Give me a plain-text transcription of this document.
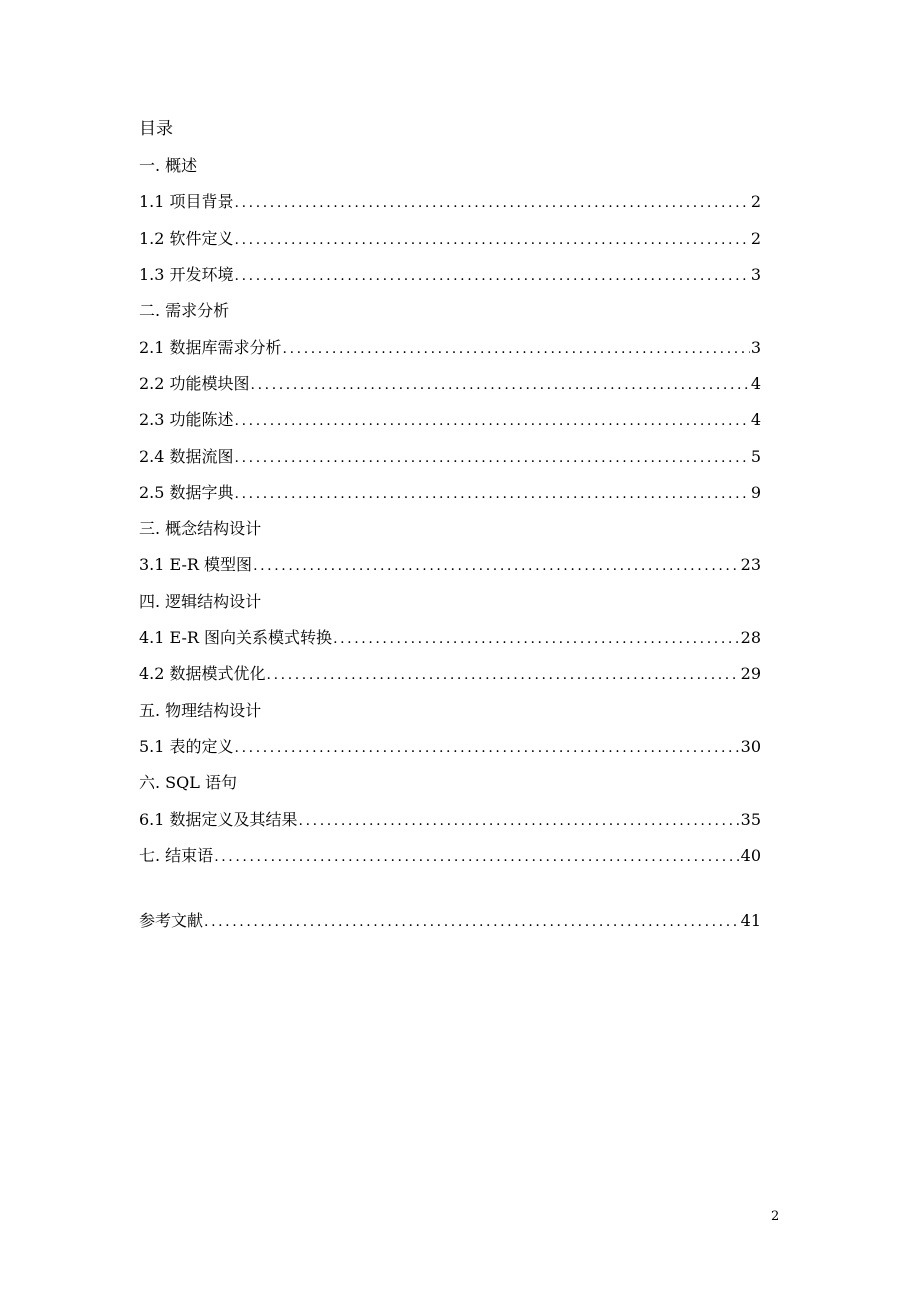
目录
一. 概述
1.1 项目背景 .....	2
1.2 软件定义 .....	2
1.3 开发环境 .....	3
二. 需求分析
2.1 数据库需求分析 .....	3
2.2 功能模块图 .....	4
2.3 功能陈述 .....	4
2.4 数据流图 .....	5
2.5 数据字典 .....	9
三. 概念结构设计
3.1 E-R 模型图 .....	23
四. 逻辑结构设计
4.1 E-R 图向关系模式转换 .....	28
4.2 数据模式优化 .....	29
五. 物理结构设计
5.1 表的定义 .....	30
六. SQL 语句
6.1 数据定义及其结果 .....	35
七. 结束语 .....	40
参考文献 .....	41
2
